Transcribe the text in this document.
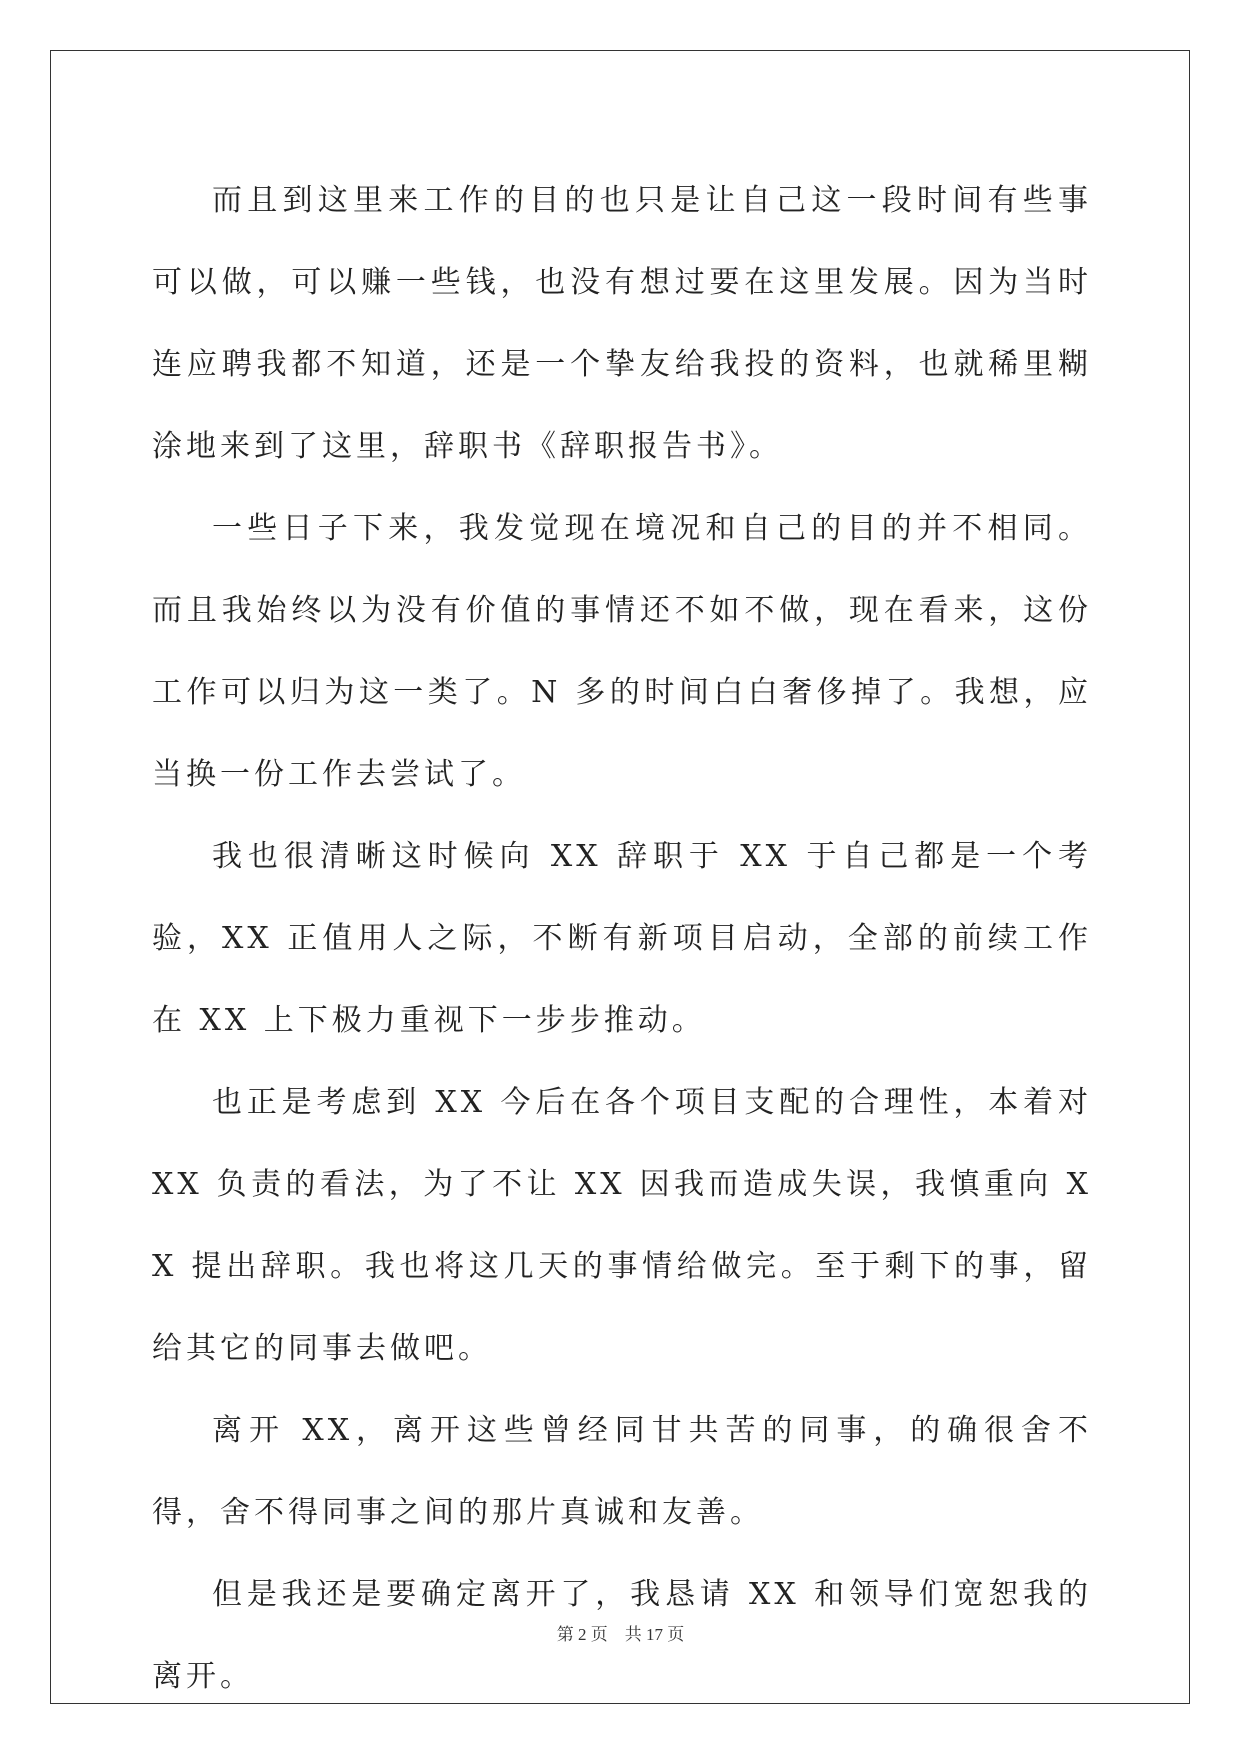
而且到这里来工作的目的也只是让自己这一段时间有些事可以做，可以赚一些钱，也没有想过要在这里发展。因为当时连应聘我都不知道，还是一个挚友给我投的资料，也就稀里糊涂地来到了这里，辞职书《辞职报告书》。

一些日子下来，我发觉现在境况和自己的目的并不相同。而且我始终以为没有价值的事情还不如不做，现在看来，这份工作可以归为这一类了。N 多的时间白白奢侈掉了。我想，应当换一份工作去尝试了。

我也很清晰这时候向 XX 辞职于 XX 于自己都是一个考验，XX 正值用人之际，不断有新项目启动，全部的前续工作在 XX 上下极力重视下一步步推动。

也正是考虑到 XX 今后在各个项目支配的合理性，本着对 XX 负责的看法，为了不让 XX 因我而造成失误，我慎重向 XX 提出辞职。我也将这几天的事情给做完。至于剩下的事，留给其它的同事去做吧。

离开 XX，离开这些曾经同甘共苦的同事，的确很舍不得，舍不得同事之间的那片真诚和友善。

但是我还是要确定离开了，我恳请 XX 和领导们宽恕我的离开。

第 2 页    共 17 页
